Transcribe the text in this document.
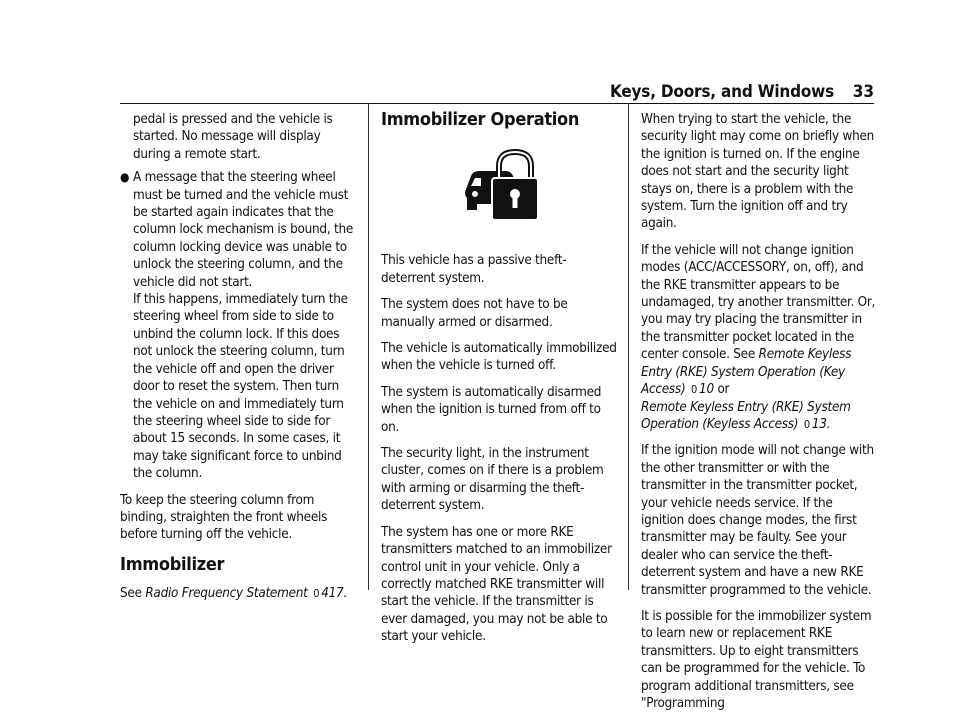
Keys, Doors, and Windows 33

pedal is pressed and the vehicle is started. No message will display during a remote start.

● A message that the steering wheel must be turned and the vehicle must be started again indicates that the column lock mechanism is bound, the column locking device was unable to unlock the steering column, and the vehicle did not start.

If this happens, immediately turn the steering wheel from side to side to unbind the column lock. If this does not unlock the steering column, turn the vehicle off and open the driver door to reset the system. Then turn the vehicle on and immediately turn the steering wheel side to side for about 15 seconds. In some cases, it may take significant force to unbind the column.

To keep the steering column from binding, straighten the front wheels before turning off the vehicle.

Immobilizer

See Radio Frequency Statement 0 417.

Immobilizer Operation

This vehicle has a passive theft-deterrent system.

The system does not have to be manually armed or disarmed.

The vehicle is automatically immobilized when the vehicle is turned off.

The system is automatically disarmed when the ignition is turned from off to on.

The security light, in the instrument cluster, comes on if there is a problem with arming or disarming the theft-deterrent system.

The system has one or more RKE transmitters matched to an immobilizer control unit in your vehicle. Only a correctly matched RKE transmitter will start the vehicle. If the transmitter is ever damaged, you may not be able to start your vehicle.

When trying to start the vehicle, the security light may come on briefly when the ignition is turned on. If the engine does not start and the security light stays on, there is a problem with the system. Turn the ignition off and try again.

If the vehicle will not change ignition modes (ACC/ACCESSORY, on, off), and the RKE transmitter appears to be undamaged, try another transmitter. Or, you may try placing the transmitter in the transmitter pocket located in the center console. See Remote Keyless Entry (RKE) System Operation (Key Access) 0 10 or
Remote Keyless Entry (RKE) System Operation (Keyless Access) 0 13.

If the ignition mode will not change with the other transmitter or with the transmitter in the transmitter pocket, your vehicle needs service. If the ignition does change modes, the first transmitter may be faulty. See your dealer who can service the theft-deterrent system and have a new RKE transmitter programmed to the vehicle.

It is possible for the immobilizer system to learn new or replacement RKE transmitters. Up to eight transmitters can be programmed for the vehicle. To program additional transmitters, see "Programming
